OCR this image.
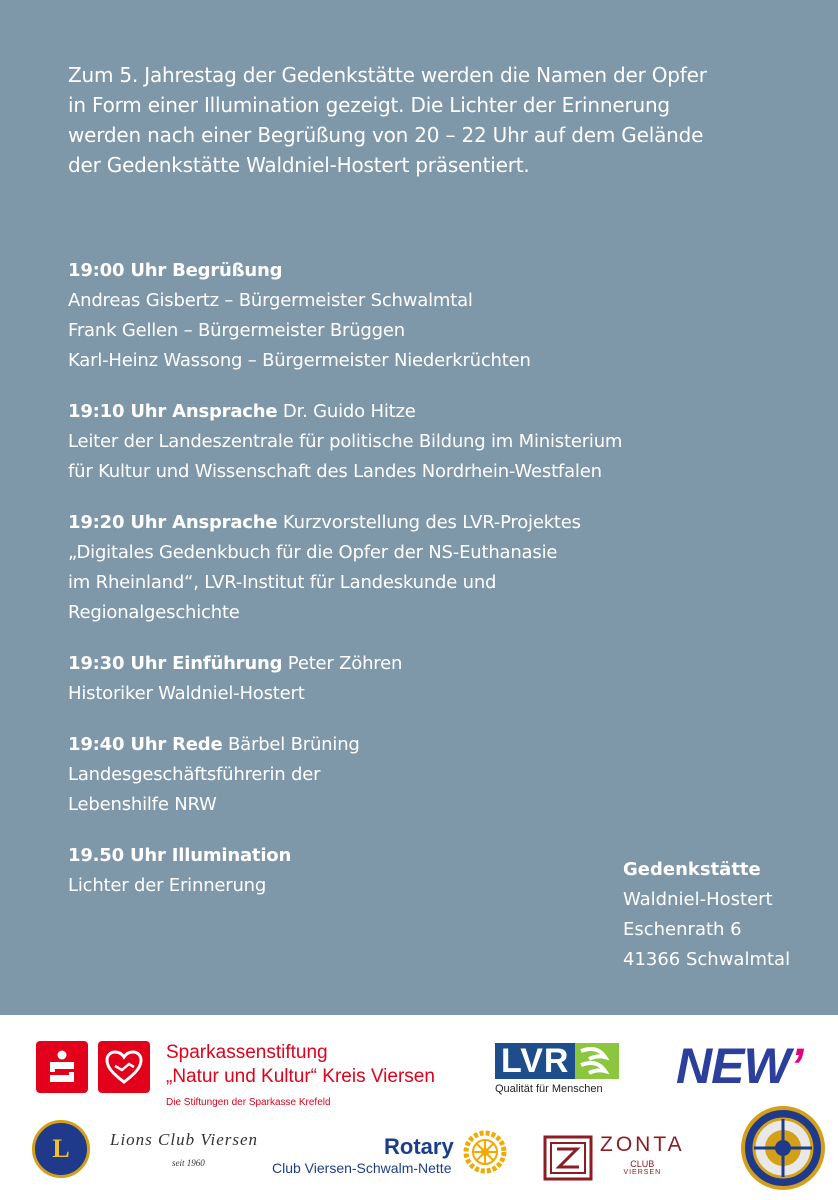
Zum 5. Jahrestag der Gedenkstätte werden die Namen der Opfer

in Form einer Illumination gezeigt. Die Lichter der Erinnerung

werden nach einer Begrüßung von 20 – 22 Uhr auf dem Gelände

der Gedenkstätte Waldniel-Hostert präsentiert.

19:00 Uhr Begrüßung
Andreas Gisbertz – Bürgermeister Schwalmtal
Frank Gellen – Bürgermeister Brüggen
Karl-Heinz Wassong – Bürgermeister Niederkrüchten
19:10 Uhr Ansprache Dr. Guido Hitze
Leiter der Landeszentrale für politische Bildung im Ministerium
für Kultur und Wissenschaft des Landes Nordrhein-Westfalen
19:20 Uhr Ansprache Kurzvorstellung des LVR-Projektes
„Digitales Gedenkbuch für die Opfer der NS-Euthanasie
im Rheinland“, LVR-Institut für Landeskunde und
Regionalgeschichte
19:30 Uhr Einführung Peter Zöhren
Historiker Waldniel-Hostert
19:40 Uhr Rede Bärbel Brüning
Landesgeschäftsführerin der
Lebenshilfe NRW
19.50 Uhr Illumination
Lichter der Erinnerung
Gedenkstätte
Waldniel-Hostert
Eschenrath 6
41366 Schwalmtal
Sparkassenstiftung
„Natur und Kultur“ Kreis Viersen
Die Stiftungen der Sparkasse Krefeld
LVR
Qualität für Menschen	NEW’
L Lions Club Viersen
seit 1960
Rotary
Club Viersen-Schwalm-Nette
ZONTA
CLUB
VIERSEN
